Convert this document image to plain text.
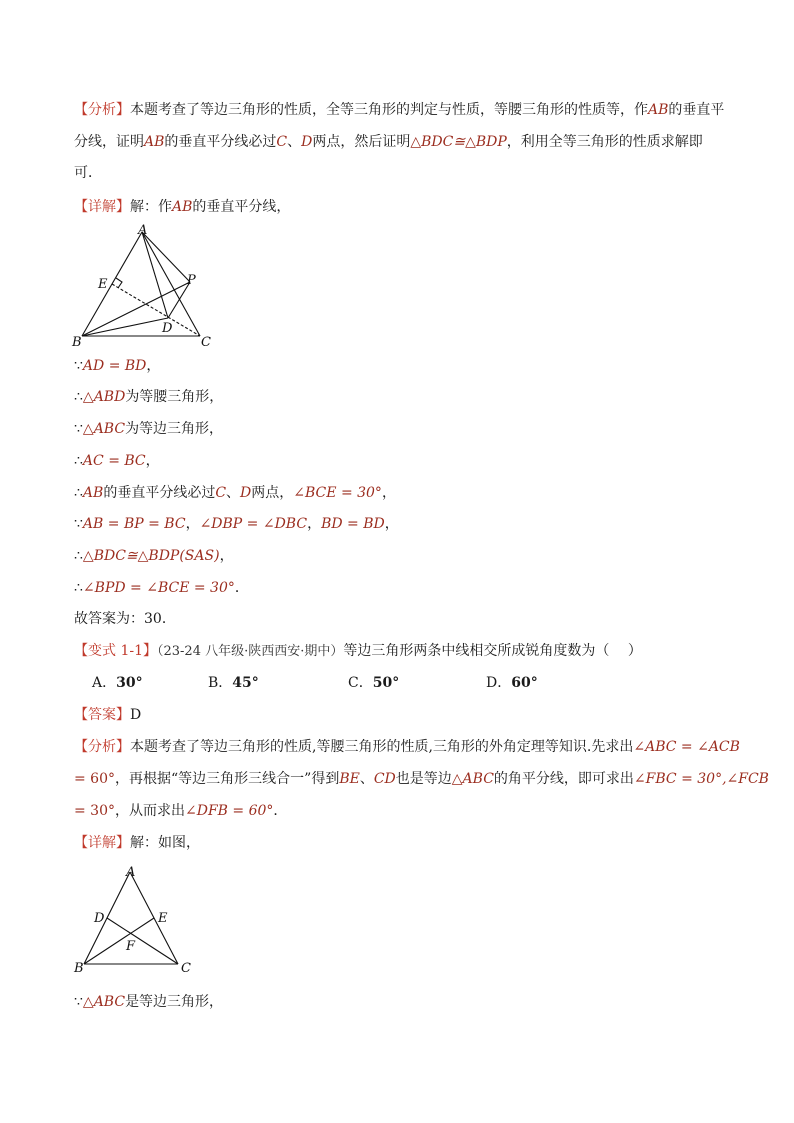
【分析】本题考查了等边三角形的性质，全等三角形的判定与性质，等腰三角形的性质等，作AB的垂直平
分线，证明AB的垂直平分线必过C、D两点，然后证明△BDC≅△BDP，利用全等三角形的性质求解即
可．
【详解】解：作AB的垂直平分线，
A
B	C
D
E	P
∵AD = BD，
∴△ABD为等腰三角形，
∵△ABC为等边三角形，
∴AC = BC，
∴AB的垂直平分线必过C、D两点，∠BCE = 30°，
∵AB = BP = BC，∠DBP = ∠DBC，BD = BD，
∴△BDC≅△BDP(SAS)，
∴∠BPD = ∠BCE = 30°．
故答案为：30．
【变式 1-1】（23-24 八年级·陕西西安·期中）等边三角形两条中线相交所成锐角度数为（　 ）
A．30°	B．45°	C．50°	D．60°
【答案】D
【分析】本题考查了等边三角形的性质,等腰三角形的性质,三角形的外角定理等知识.先求出∠ABC = ∠ACB
= 60°，再根据“等边三角形三线合一”得到BE、CD也是等边△ABC的角平分线，即可求出∠FBC = 30°,∠FCB
= 30°，从而求出∠DFB = 60°．
【详解】解：如图，
A
B	C
D	E
F
∵△ABC是等边三角形，
